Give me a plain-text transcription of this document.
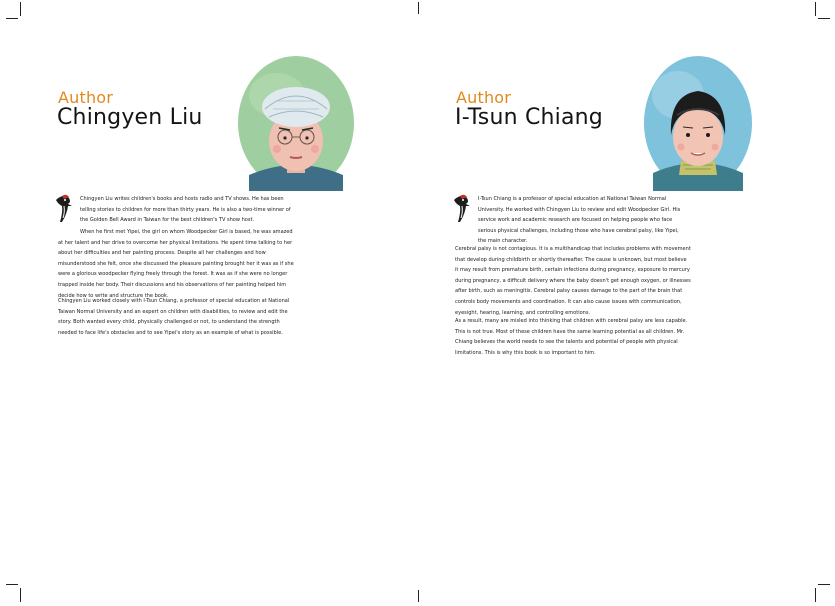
Author
Chingyen Liu

Chingyen Liu writes children's books and hosts radio and TV shows. He has been telling stories to children for more than thirty years. He is also a two-time winner of the Golden Bell Award in Taiwan for the best children's TV show host.

When he first met Yipei, the girl on whom Woodpecker Girl is based, he was amazed at her talent and her drive to overcome her physical limitations. He spent time talking to her about her difficulties and her painting process. Despite all her challenges and how misunderstood she felt, once she discussed the pleasure painting brought her it was as if she were a glorious woodpecker flying freely through the forest. It was as if she were no longer trapped inside her body. Their discussions and his observations of her painting helped him decide how to write and structure the book.

Chingyen Liu worked closely with I-Tsun Chiang, a professor of special education at National Taiwan Normal University and an expert on children with disabilities, to review and edit the story. Both wanted every child, physically challenged or not, to understand the strength needed to face life's obstacles and to see Yipei's story as an example of what is possible.

Author
I-Tsun Chiang

I-Tsun Chiang is a professor of special education at National Taiwan Normal University. He worked with Chingyen Liu to review and edit Woodpecker Girl. His service work and academic research are focused on helping people who face serious physical challenges, including those who have cerebral palsy, like Yipei, the main character.

Cerebral palsy is not contagious. It is a multihandicap that includes problems with movement that develop during childbirth or shortly thereafter. The cause is unknown, but most believe it may result from premature birth, certain infections during pregnancy, exposure to mercury during pregnancy, a difficult delivery where the baby doesn't get enough oxygen, or illnesses after birth, such as meningitis. Cerebral palsy causes damage to the part of the brain that controls body movements and coordination. It can also cause issues with communication, eyesight, hearing, learning, and controlling emotions.

As a result, many are misled into thinking that children with cerebral palsy are less capable. This is not true. Most of these children have the same learning potential as all children. Mr. Chiang believes the world needs to see the talents and potential of people with physical limitations. This is why this book is so important to him.
